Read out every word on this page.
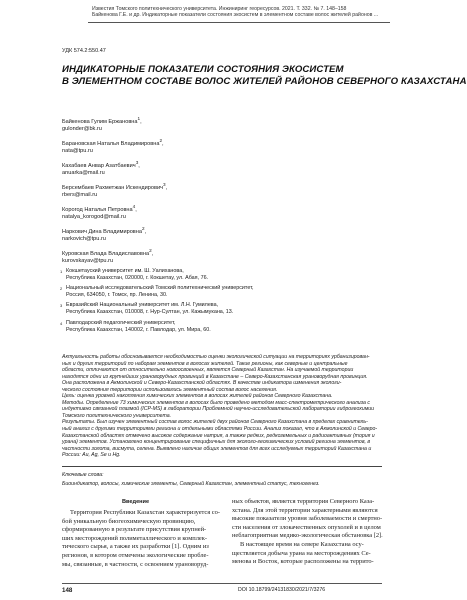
Известия Томского политехнического университета. Инжиниринг георесурсов. 2021. Т. 332. № 7. 148–158
Байкенова Г.Е. и др. Индикаторные показатели состояния экосистем в элементном составе волос жителей районов ...
УДК 574.2:550.47
ИНДИКАТОРНЫЕ ПОКАЗАТЕЛИ СОСТОЯНИЯ ЭКОСИСТЕМ
В ЭЛЕМЕНТНОМ СОСТАВЕ ВОЛОС ЖИТЕЛЕЙ РАЙОНОВ СЕВЕРНОГО КАЗАХСТАНА
Байкенова Гулим Ержановна$^1$,
gulonder@bk.ru
Барановская Наталья Владимировна$^2$,
nata@tpu.ru
Кахабаев Анвар Азатбаевич$^3$,
anuarka@mail.ru
Берсембаев Рахметжан Искендирович$^3$,
rbers@mail.ru
Корогод Наталья Петровна$^4$,
natalya_korogod@mail.ru
Наркович Дина Владимировна$^2$,
narkovich@tpu.ru
Куровская Влада Владиславовна$^2$,
kurovskayav@tpu.ru
1 Кокшетауский университет им. Ш. Уалиханова,
Республика Казахстан, 020000, г. Кокшетау, ул. Абая, 76.
2 Национальный исследовательский Томский политехнический университет,
Россия, 634050, г. Томск, пр. Ленина, 30.
3 Евразийский Национальный университет им. Л.Н. Гумилева,
Республика Казахстан, 010008, г. Нур-Султан, ул. Кажымукана, 13.
4 Павлодарский педагогический университет,
Республика Казахстан, 140002, г. Павлодар, ул. Мира, 60.
Актуальность работы обосновывается необходимостью оценки экологической ситуации на территориях урбанизирован-
ных и других территорий по наборам элементов в волосах жителей. Такие регионы, как северные и центральные
области, отличаются от относительно новоосвоенных, является Северный Казахстан. На изучаемой территории
находятся одни из крупнейших урановорудных провинций в Казахстане – Северо-Казахстанская урановорудная провинция.
Она расположена в Акмолинской и Северо-Казахстанской областях. В качестве индикатора изменения экологи-
ческого состояния территории использовались элементный состав волос населения.
Цель: оценка уровней накопления химических элементов в волосах жителей районов Северного Казахстана.
Методы. Определение 73 химических элементов в волосах было проведено методом масс-спектрометрического анализа с
индуктивно связанной плазмой (ICP-MS) в лаборатории Проблемной научно-исследовательской лаборатории гидрогеохимии
Томского политехнического университета.
Результаты. Был изучен элементный состав волос жителей двух районов Северного Казахстана в пределах сравнитель-
ный анализ с другими территориями региона и отдельными областями России. Анализ показал, что в Акмолинской и Северо-
Казахстанской областях отмечено высокое содержание натрия, а также редких, редкоземельных и радиоактивных (тория и
урана) элементов. Установлено концентрирование специфичных для эколого-геохимических условий региона элементов, в
частности золота, висмута, селена. Выявлено наличие общих элементов для всех исследуемых территорий Казахстана и
России: Au, Ag, Se и Hg.
Ключевые слова:
Биоиндикатор, волосы, химические элементы, Северный Казахстан, элементный статус, техногенез.
Введение
Территория Республики Казахстан характеризуется со-
бой уникальную биогеохимическую провинцию,
сформированную в результате присутствия крупней-
ших месторождений полиметаллического и комплек-
тического сырья, а также их разработки [1]. Одним из
регионов, в котором отмечены экологические пробле-
мы, связанные, в частности, с освоением урановоруд-
ных объектов, является территория Северного Каза-
хстана. Для этой территории характерными являются
высокие показатели уровня заболеваемости и смертно-
сти населения от злокачественных опухолей и в целом
неблагоприятная медико-экологическая обстановка [2].
В настоящее время на севере Казахстана осу-
ществляется добыча урана на месторождениях Се-
менова и Восток, которые расположены на террито-
148	DOI 10.18799/24131830/2021/7/3276
